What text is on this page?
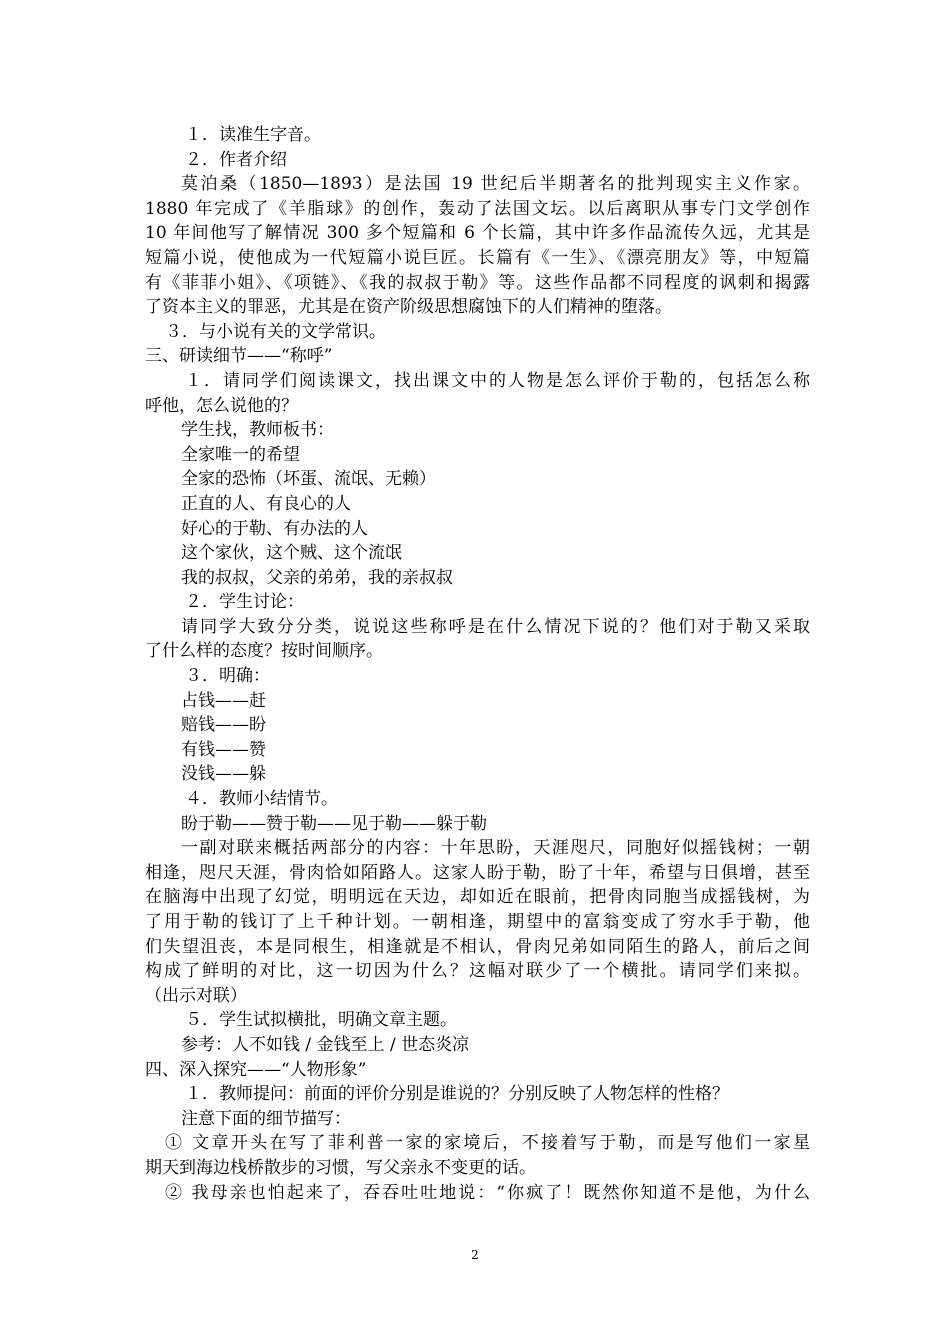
１．读准生字音。
２．作者介绍
莫泊桑（1850—1893）是法国 19 世纪后半期著名的批判现实主义作家。
1880 年完成了《羊脂球》的创作，轰动了法国文坛。以后离职从事专门文学创作
10 年间他写了解情况 300 多个短篇和 6 个长篇，其中许多作品流传久远，尤其是
短篇小说，使他成为一代短篇小说巨匠。长篇有《一生》、《漂亮朋友》等，中短篇
有《菲菲小姐》、《项链》、《我的叔叔于勒》等。这些作品都不同程度的讽刺和揭露
了资本主义的罪恶，尤其是在资产阶级思想腐蚀下的人们精神的堕落。
３．与小说有关的文学常识。
三、研读细节——“称呼”
１．请同学们阅读课文，找出课文中的人物是怎么评价于勒的，包括怎么称
呼他，怎么说他的？
学生找，教师板书：
全家唯一的希望
全家的恐怖（坏蛋、流氓、无赖）
正直的人、有良心的人
好心的于勒、有办法的人
这个家伙，这个贼、这个流氓
我的叔叔，父亲的弟弟，我的亲叔叔
２．学生讨论：
请同学大致分分类，说说这些称呼是在什么情况下说的？他们对于勒又采取
了什么样的态度？按时间顺序。
３．明确：
占钱——赶
赔钱——盼
有钱——赞
没钱——躲
４．教师小结情节。
盼于勒——赞于勒——见于勒——躲于勒
一副对联来概括两部分的内容：十年思盼，天涯咫尺，同胞好似摇钱树；一朝
相逢，咫尺天涯，骨肉恰如陌路人。这家人盼于勒，盼了十年，希望与日俱增，甚至
在脑海中出现了幻觉，明明远在天边，却如近在眼前，把骨肉同胞当成摇钱树，为
了用于勒的钱订了上千种计划。一朝相逢，期望中的富翁变成了穷水手于勒，他
们失望沮丧，本是同根生，相逢就是不相认，骨肉兄弟如同陌生的路人，前后之间
构成了鲜明的对比，这一切因为什么？这幅对联少了一个横批。请同学们来拟。
（出示对联）
５．学生试拟横批，明确文章主题。
参考：人不如钱 / 金钱至上 / 世态炎凉
四、深入探究——“人物形象”
１．教师提问：前面的评价分别是谁说的？分别反映了人物怎样的性格？
注意下面的细节描写：
① 文章开头在写了菲利普一家的家境后，不接着写于勒，而是写他们一家星
期天到海边栈桥散步的习惯，写父亲永不变更的话。
② 我母亲也怕起来了，吞吞吐吐地说：“你疯了！既然你知道不是他，为什么
2
